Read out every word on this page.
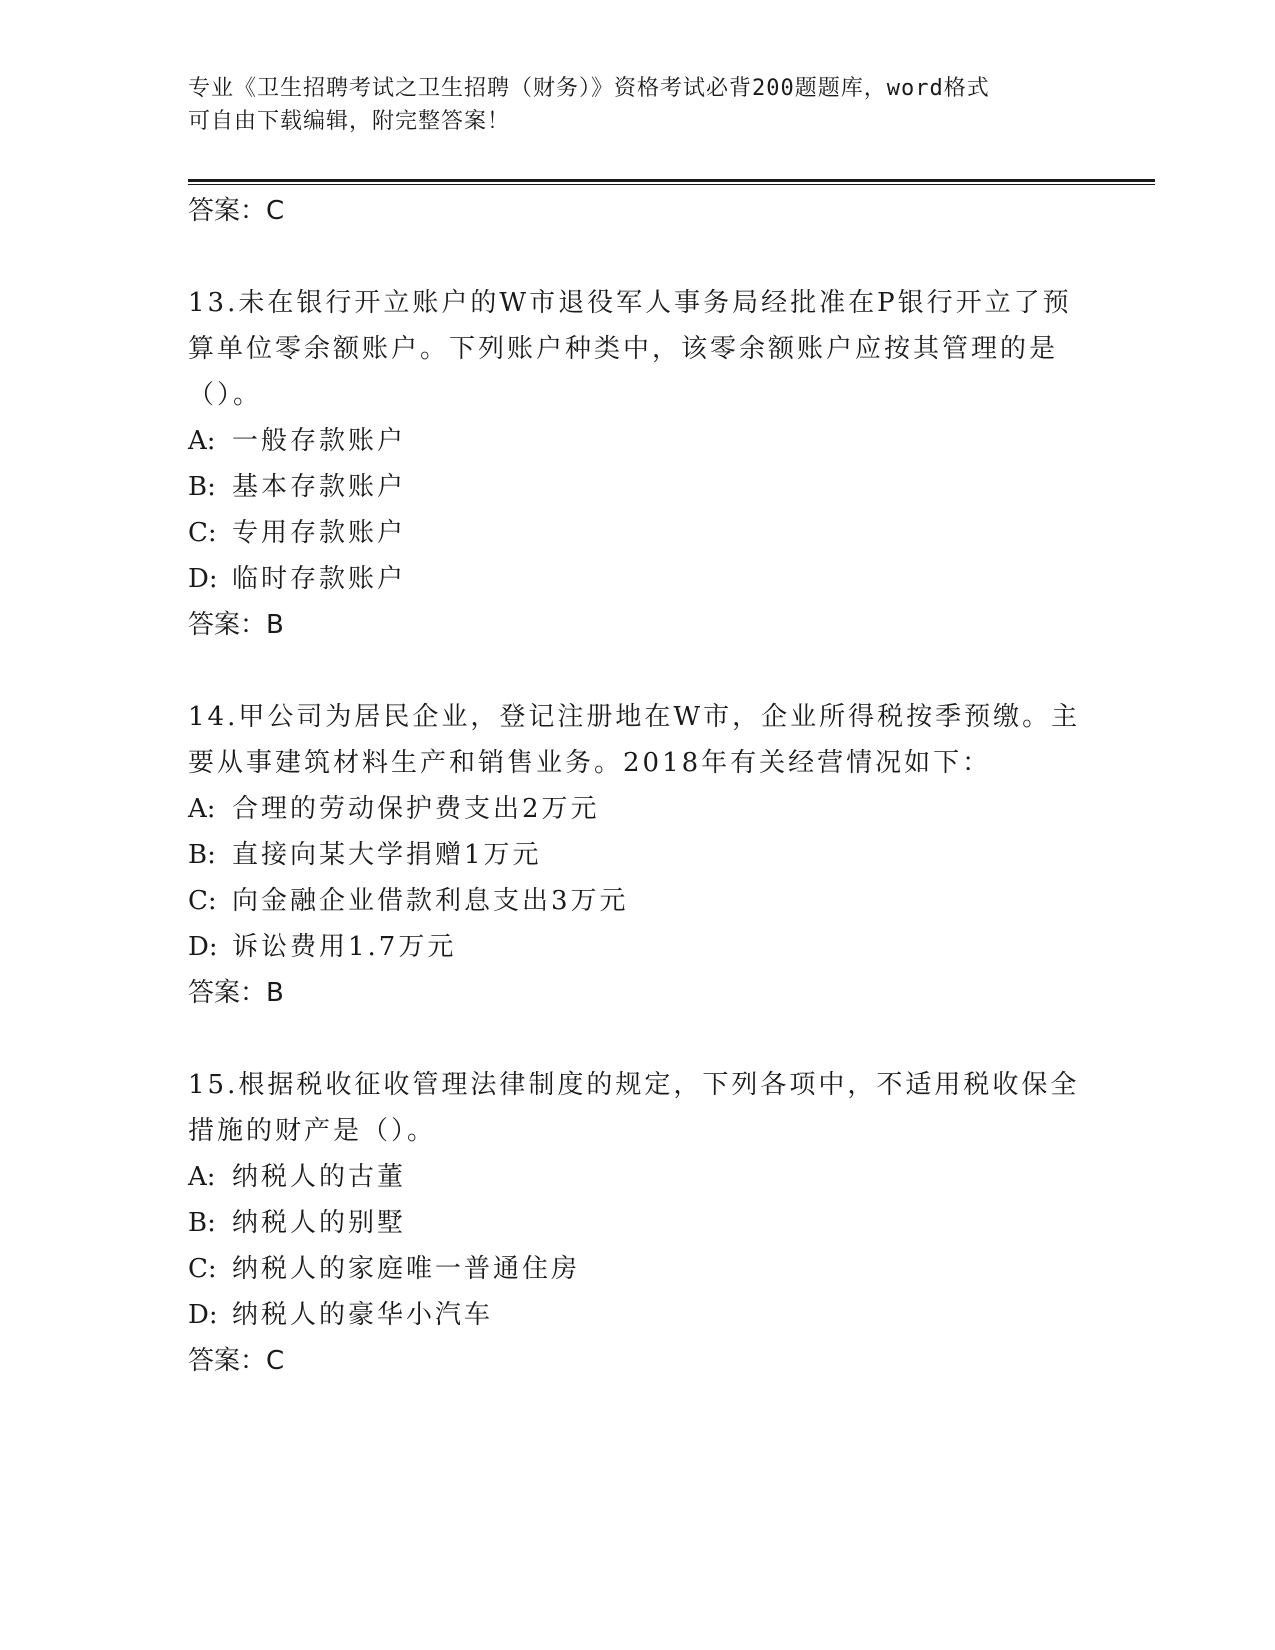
专业《卫生招聘考试之卫生招聘（财务）》资格考试必背200题题库，word格式
可自由下载编辑，附完整答案！

答案：C

13.未在银行开立账户的W市退役军人事务局经批准在P银行开立了预算单位零余额账户。下列账户种类中，该零余额账户应按其管理的是（）。

A: 一般存款账户

B: 基本存款账户

C: 专用存款账户

D: 临时存款账户

答案：B

14.甲公司为居民企业，登记注册地在W市，企业所得税按季预缴。主要从事建筑材料生产和销售业务。2018年有关经营情况如下：

A: 合理的劳动保护费支出2万元

B: 直接向某大学捐赠1万元

C: 向金融企业借款利息支出3万元

D: 诉讼费用1.7万元

答案：B

15.根据税收征收管理法律制度的规定，下列各项中，不适用税收保全措施的财产是（）。

A: 纳税人的古董

B: 纳税人的别墅

C: 纳税人的家庭唯一普通住房

D: 纳税人的豪华小汽车

答案：C
